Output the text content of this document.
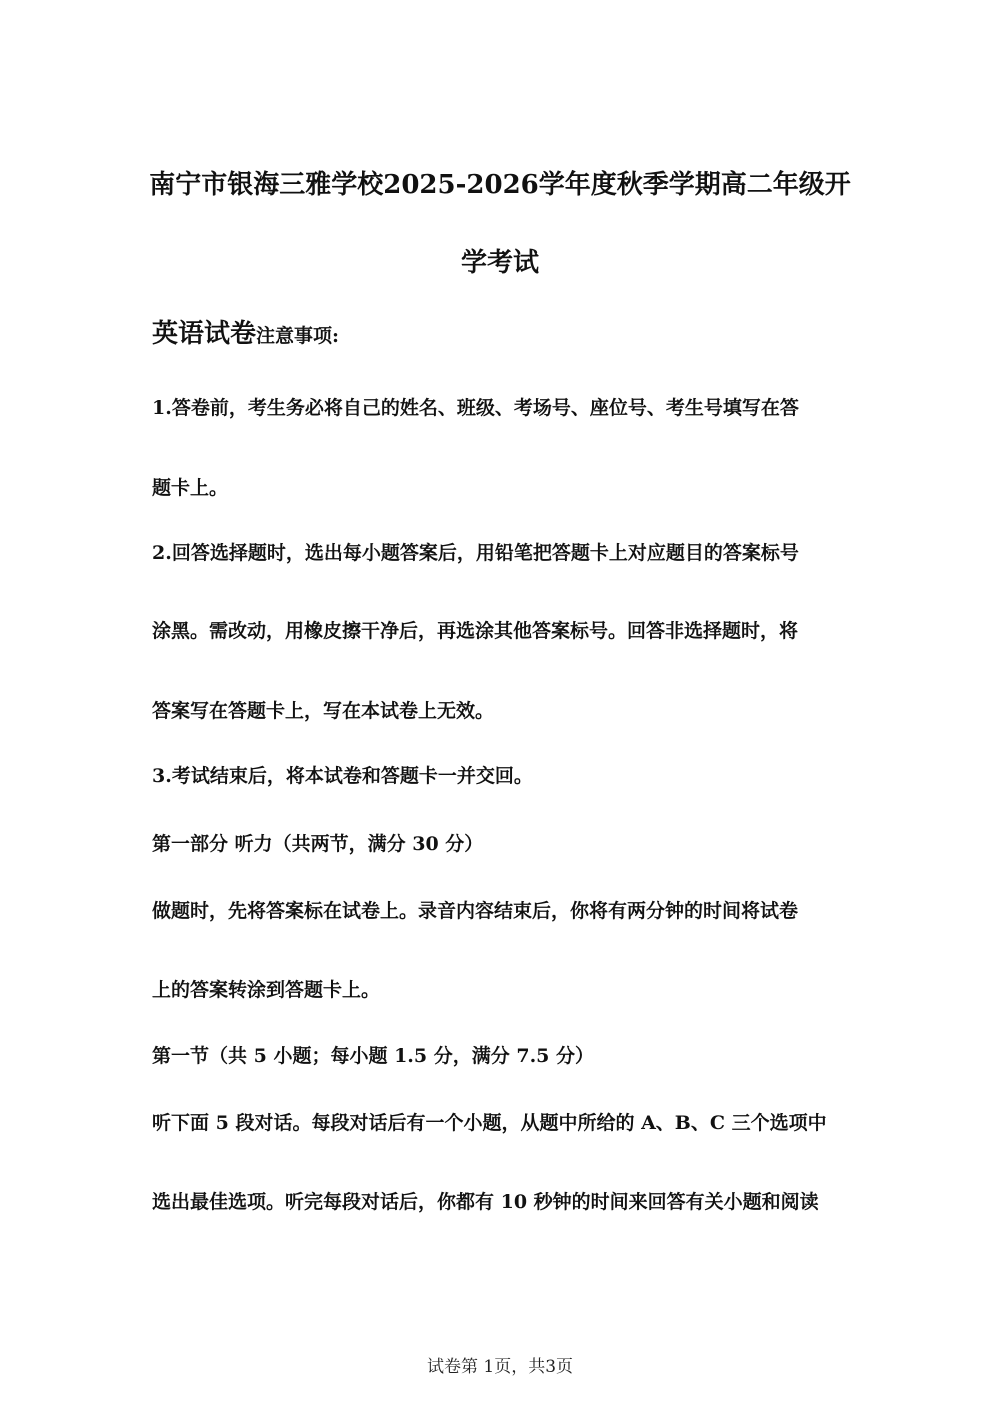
南宁市银海三雅学校2025-2026学年度秋季学期高二年级开
学考试
英语试卷注意事项:
1.答卷前，考生务必将自己的姓名、班级、考场号、座位号、考生号填写在答
题卡上。
2.回答选择题时，选出每小题答案后，用铅笔把答题卡上对应题目的答案标号
涂黑。需改动，用橡皮擦干净后，再选涂其他答案标号。回答非选择题时，将
答案写在答题卡上，写在本试卷上无效。
3.考试结束后，将本试卷和答题卡一并交回。
第一部分 听力（共两节，满分 30 分）
做题时，先将答案标在试卷上。录音内容结束后，你将有两分钟的时间将试卷
上的答案转涂到答题卡上。
第一节（共 5 小题；每小题 1.5 分，满分 7.5 分）
听下面 5 段对话。每段对话后有一个小题，从题中所给的 A、B、C 三个选项中
选出最佳选项。听完每段对话后，你都有 10 秒钟的时间来回答有关小题和阅读
试卷第 1页，共3页
